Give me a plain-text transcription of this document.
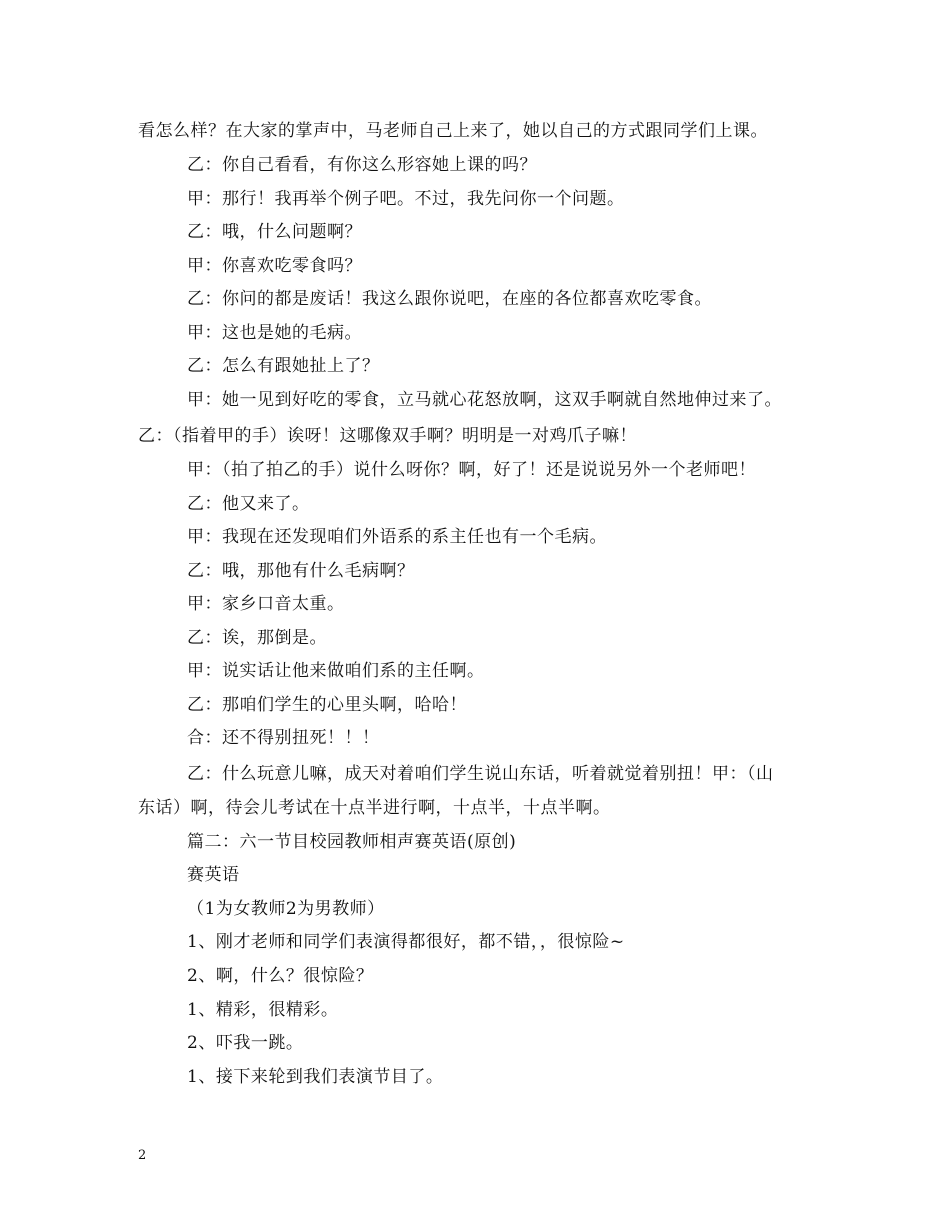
看怎么样？在大家的掌声中，马老师自己上来了，她以自己的方式跟同学们上课。
乙：你自己看看，有你这么形容她上课的吗？
甲：那行！我再举个例子吧。不过，我先问你一个问题。
乙：哦，什么问题啊？
甲：你喜欢吃零食吗？
乙：你问的都是废话！我这么跟你说吧，在座的各位都喜欢吃零食。
甲：这也是她的毛病。
乙：怎么有跟她扯上了？
甲：她一见到好吃的零食，立马就心花怒放啊，这双手啊就自然地伸过来了。
乙：（指着甲的手）诶呀！这哪像双手啊？明明是一对鸡爪子嘛！
甲：（拍了拍乙的手）说什么呀你？啊，好了！还是说说另外一个老师吧！
乙：他又来了。
甲：我现在还发现咱们外语系的系主任也有一个毛病。
乙：哦，那他有什么毛病啊？
甲：家乡口音太重。
乙：诶，那倒是。
甲：说实话让他来做咱们系的主任啊。
乙：那咱们学生的心里头啊，哈哈！
合：还不得别扭死！！！
乙：什么玩意儿嘛，成天对着咱们学生说山东话，听着就觉着别扭！甲：（山
东话）啊，待会儿考试在十点半进行啊，十点半，十点半啊。
篇二：六一节目校园教师相声赛英语(原创)
赛英语
（1为女教师2为男教师）
1、刚才老师和同学们表演得都很好，都不错，，很惊险~
2、啊，什么？很惊险？
1、精彩，很精彩。
2、吓我一跳。
1、接下来轮到我们表演节目了。
2
